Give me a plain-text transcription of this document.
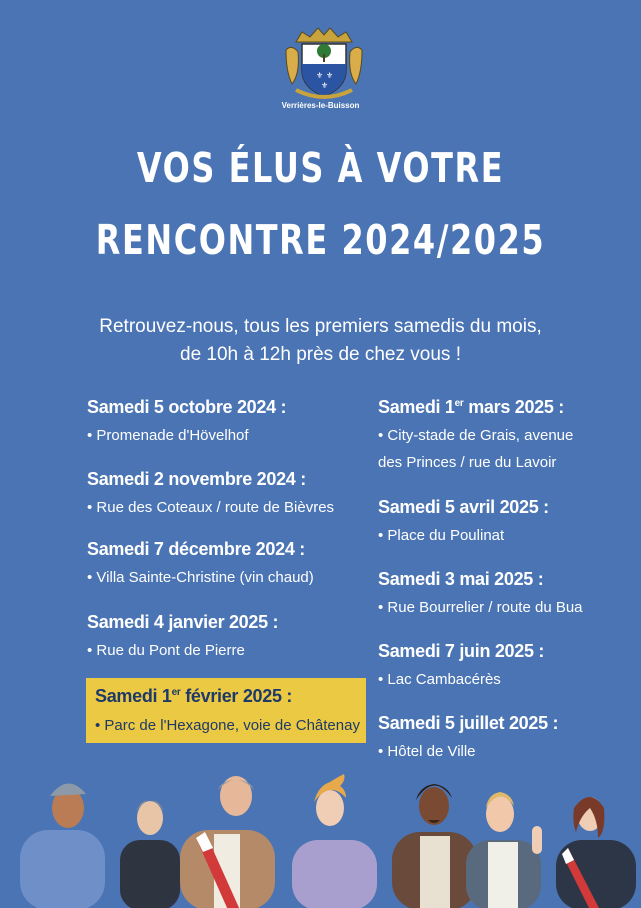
⚜ ⚜
⚜
Verrières-le-Buisson
VOS ÉLUS À VOTRE
RENCONTRE 2024/2025
Retrouvez-nous, tous les premiers samedis du mois,
de 10h à 12h près de chez vous !
Samedi 5 octobre 2024 :
• Promenade d'Hövelhof
Samedi 2 novembre 2024 :
• Rue des Coteaux / route de Bièvres
Samedi 7 décembre 2024 :
• Villa Sainte-Christine (vin chaud)
Samedi 4 janvier 2025 :
• Rue du Pont de Pierre
Samedi 1er février 2025 :
• Parc de l'Hexagone, voie de Châtenay
Samedi 1er mars 2025 :
• City-stade de Grais, avenue
des Princes / rue du Lavoir
Samedi 5 avril 2025 :
• Place du Poulinat
Samedi 3 mai 2025 :
• Rue Bourrelier / route du Bua
Samedi 7 juin 2025 :
• Lac Cambacérès
Samedi 5 juillet 2025 :
• Hôtel de Ville
